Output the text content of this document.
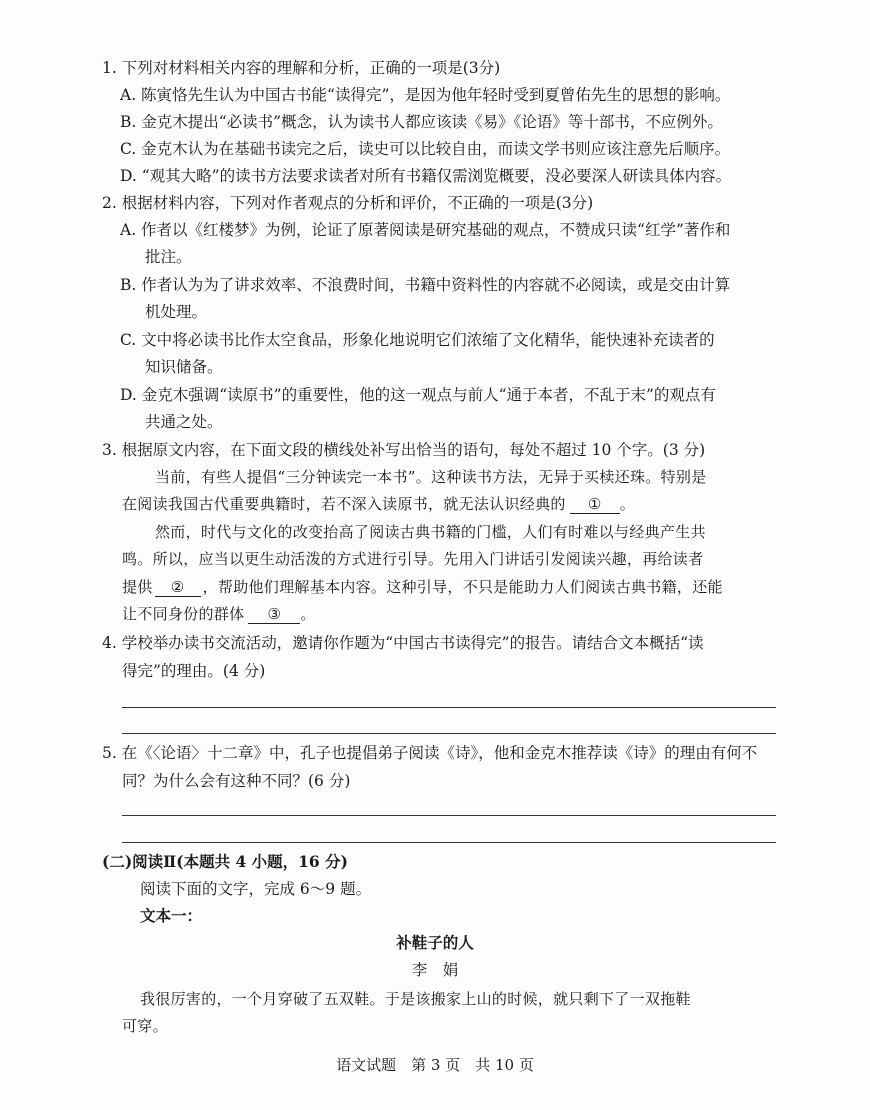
1. 下列对材料相关内容的理解和分析，正确的一项是(3分)
A. 陈寅恪先生认为中国古书能“读得完”，是因为他年轻时受到夏曾佑先生的思想的影响。
B. 金克木提出“必读书”概念，认为读书人都应该读《易》《论语》等十部书，不应例外。
C. 金克木认为在基础书读完之后，读史可以比较自由，而读文学书则应该注意先后顺序。
D. “观其大略”的读书方法要求读者对所有书籍仅需浏览概要，没必要深人研读具体内容。
2. 根据材料内容，下列对作者观点的分析和评价，不正确的一项是(3分)
A. 作者以《红楼梦》为例，论证了原著阅读是研究基础的观点，不赞成只读“红学”著作和
批注。
B. 作者认为为了讲求效率、不浪费时间，书籍中资料性的内容就不必阅读，或是交由计算
机处理。
C. 文中将必读书比作太空食品，形象化地说明它们浓缩了文化精华，能快速补充读者的
知识储备。
D. 金克木强调“读原书”的重要性，他的这一观点与前人“通于本者，不乱于末”的观点有
共通之处。
3. 根据原文内容，在下面文段的横线处补写出恰当的语句，每处不超过 10 个字。(3 分)
当前，有些人提倡“三分钟读完一本书”。这种读书方法，无异于买椟还珠。特别是
在阅读我国古代重要典籍时，若不深入读原书，就无法认识经典的 ① 。
然而，时代与文化的改变抬高了阅读古典书籍的门槛，人们有时难以与经典产生共
鸣。所以，应当以更生动活泼的方式进行引导。先用入门讲话引发阅读兴趣，再给读者
提供 ② ，帮助他们理解基本内容。这种引导，不只是能助力人们阅读古典书籍，还能
让不同身份的群体 ③ 。
4. 学校举办读书交流活动，邀请你作题为“中国古书读得完”的报告。请结合文本概括“读
得完”的理由。(4 分)
5. 在《〈论语〉十二章》中，孔子也提倡弟子阅读《诗》，他和金克木推荐读《诗》的理由有何不
同？为什么会有这种不同？(6 分)
(二)阅读Ⅱ(本题共 4 小题，16 分)
阅读下面的文字，完成 6～9 题。
文本一：
补鞋子的人
李　娟
我很厉害的，一个月穿破了五双鞋。于是该搬家上山的时候，就只剩下了一双拖鞋
可穿。
语文试题　第 3 页　共 10 页
